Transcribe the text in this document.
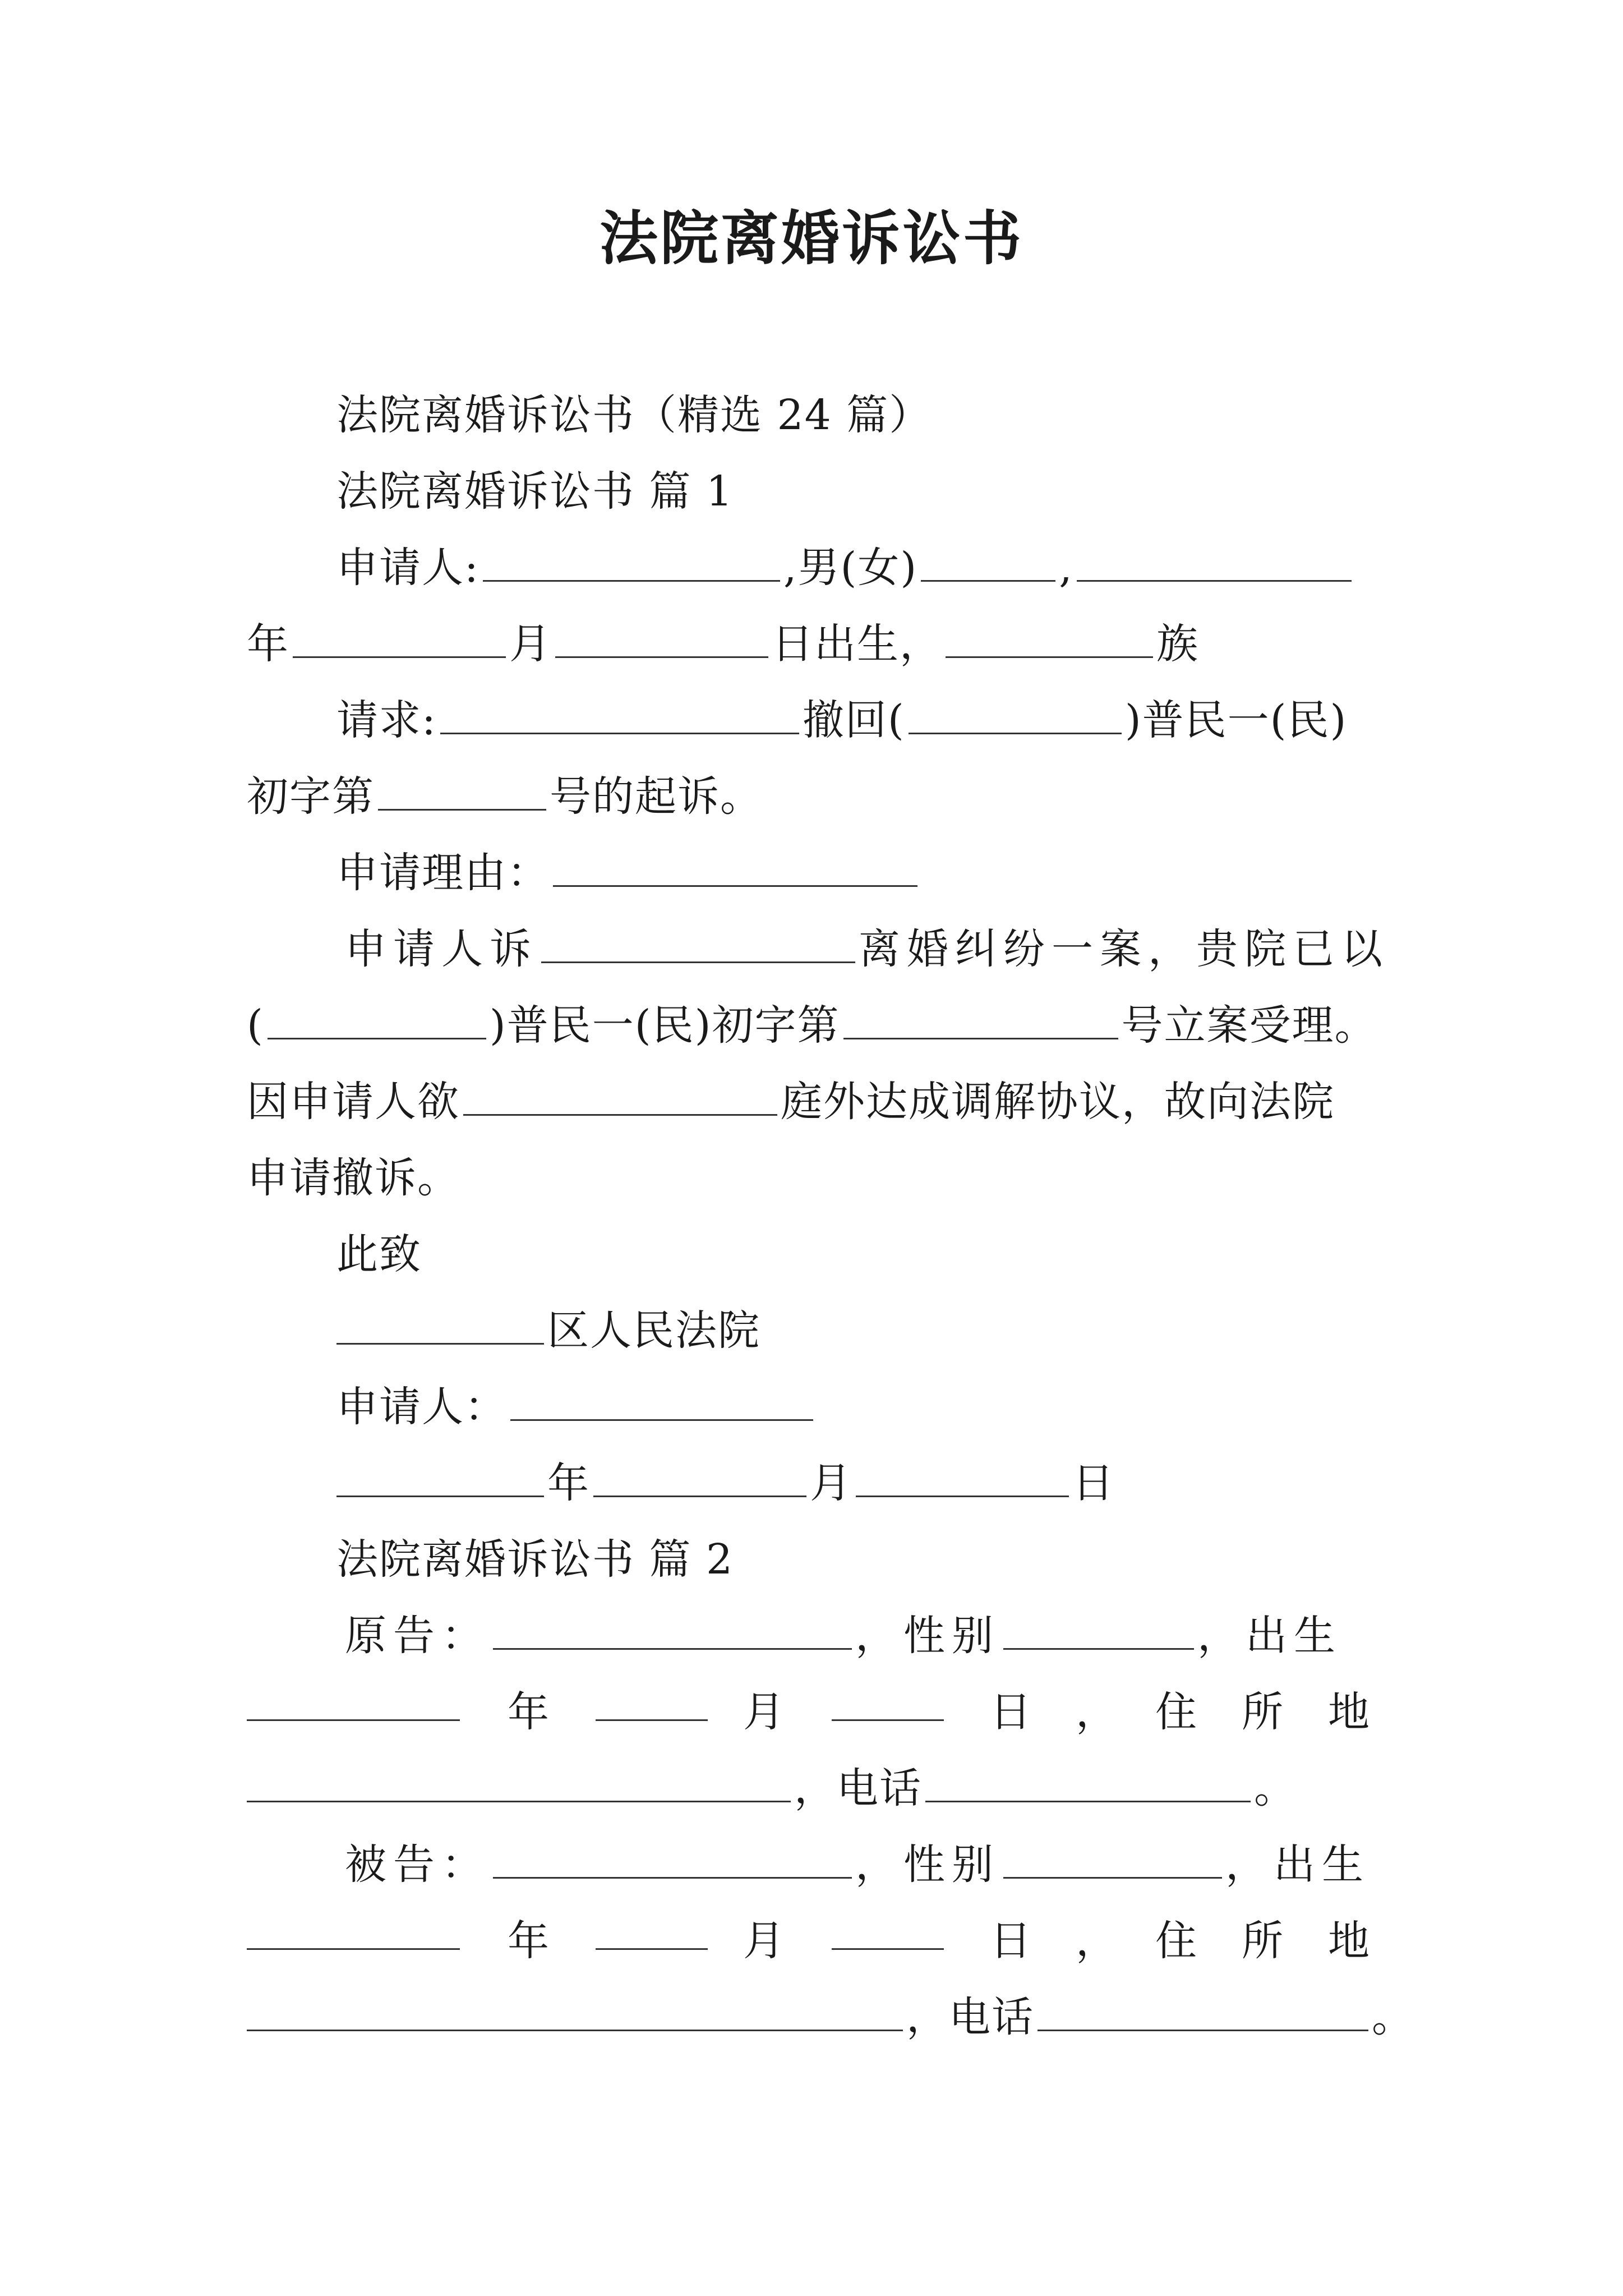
法院离婚诉讼书
法院离婚诉讼书（精选 24 篇）
法院离婚诉讼书 篇 1
申请人:	,男(女)	,
年	月	日出生，	族
请求:	撤回(	)普民一(民)
初字第	号的起诉。
申请理由：
申请人诉	离婚纠纷一案，贵院已以
(	)普民一(民)初字第	号立案受理。
因申请人欲	庭外达成调解协议，故向法院
申请撤诉。
此致
区人民法院
申请人：
年	月	日
法院离婚诉讼书 篇 2
原告：	，性别	，出生
年	月	日 ， 住所地
，电话	。
被告：	，性别	，出生
年	月	日 ， 住所地
，电话	。
